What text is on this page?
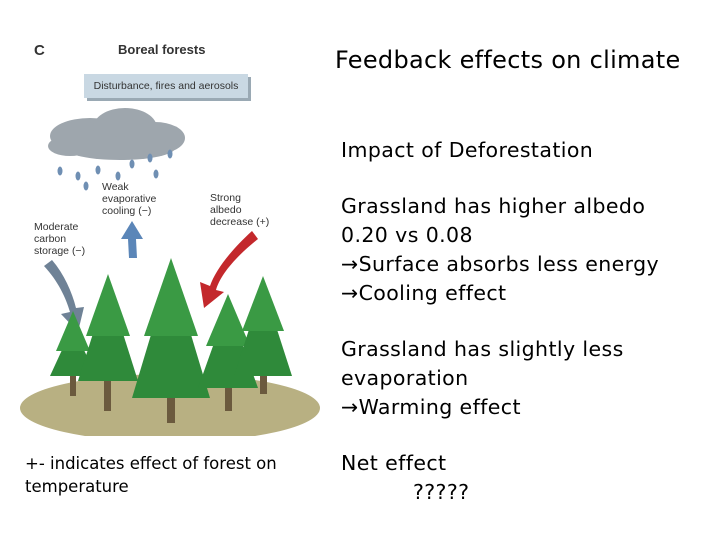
Feedback effects on climate
Impact of Deforestation
Grassland has higher albedo
0.20 vs 0.08
→Surface absorbs less energy
→Cooling effect
Grassland has slightly less
evaporation
→Warming effect
Net effect
?????
+- indicates effect of forest on temperature
C	Boreal forests
Disturbance, fires and aerosols
Weak
evaporative
cooling (−)
Strong
albedo
decrease (+)
Moderate
carbon
storage (−)
